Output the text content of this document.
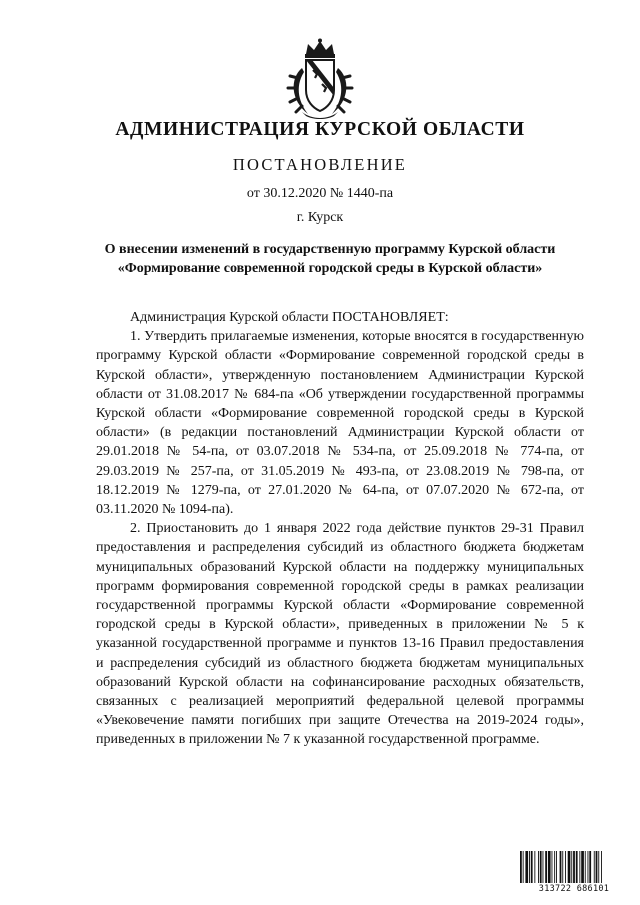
АДМИНИСТРАЦИЯ КУРСКОЙ ОБЛАСТИ
ПОСТАНОВЛЕНИЕ
от 30.12.2020 № 1440-па
г. Курск
О внесении изменений в государственную программу Курской области
«Формирование современной городской среды в Курской области»

Администрация Курской области ПОСТАНОВЛЯЕТ:

1. Утвердить прилагаемые изменения, которые вносятся в государственную программу Курской области «Формирование современной городской среды в Курской области», утвержденную постановлением Администрации Курской области от 31.08.2017 № 684-па «Об утверждении государственной программы Курской области «Формирование современной городской среды в Курской области» (в редакции постановлений Администрации Курской области от 29.01.2018 № 54-па, от 03.07.2018 № 534-па, от 25.09.2018 № 774-па, от 29.03.2019 № 257-па, от 31.05.2019 № 493-па, от 23.08.2019 № 798-па, от 18.12.2019 № 1279-па, от 27.01.2020 № 64-па, от 07.07.2020 № 672-па, от 03.11.2020 № 1094-па).

2. Приостановить до 1 января 2022 года действие пунктов 29-31 Правил предоставления и распределения субсидий из областного бюджета бюджетам муниципальных образований Курской области на поддержку муниципальных программ формирования современной городской среды в рамках реализации государственной программы Курской области «Формирование современной городской среды в Курской области», приведенных в приложении № 5 к указанной государственной программе и пунктов 13-16 Правил предоставления и распределения субсидий из областного бюджета бюджетам муниципальных образований Курской области на софинансирование расходных обязательств, связанных с реализацией мероприятий федеральной целевой программы «Увековечение памяти погибших при защите Отечества на 2019-2024 годы», приведенных в приложении № 7 к указанной государственной программе.

313722 686101
